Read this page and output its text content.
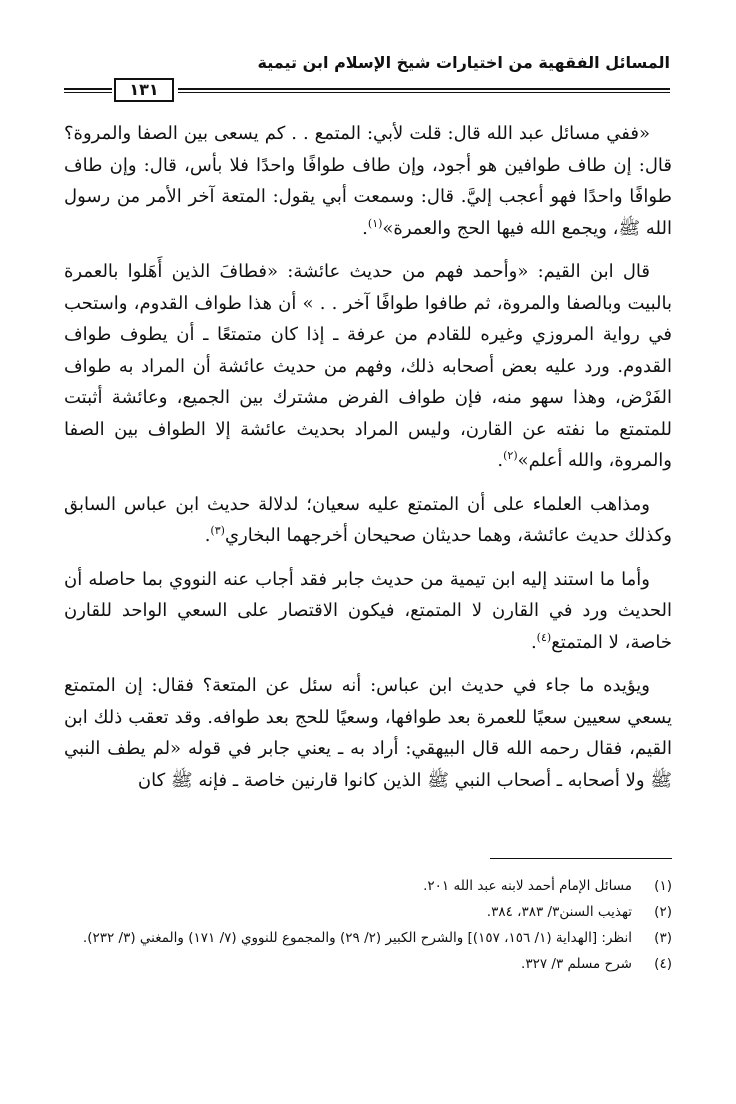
المسائل الفقهية من اختيارات شيخ الإسلام ابن تيمية
١٣١

«ففي مسائل عبد الله قال: قلت لأبي: المتمع . . كم يسعى بين الصفا والمروة؟ قال: إن طاف طوافين هو أجود، وإن طاف طوافًا واحدًا فلا بأس، قال: وإن طاف طوافًا واحدًا فهو أعجب إليَّ. قال: وسمعت أبي يقول: المتعة آخر الأمر من رسول الله ﷺ، ويجمع الله فيها الحج والعمرة»$^{(١)}$.

قال ابن القيم: «وأحمد فهم من حديث عائشة: «فطافَ الذين أَهَلوا بالعمرة بالبيت وبالصفا والمروة، ثم طافوا طوافًا آخر . . » أن هذا طواف القدوم، واستحب في رواية المروزي وغيره للقادم من عرفة ـ إذا كان متمتعًا ـ أن يطوف طواف القدوم. ورد عليه بعض أصحابه ذلك، وفهم من حديث عائشة أن المراد به طواف الفَرْض، وهذا سهو منه، فإن طواف الفرض مشترك بين الجميع، وعائشة أثبتت للمتمتع ما نفته عن القارن، وليس المراد بحديث عائشة إلا الطواف بين الصفا والمروة، والله أعلم»$^{(٢)}$.

ومذاهب العلماء على أن المتمتع عليه سعيان؛ لدلالة حديث ابن عباس السابق وكذلك حديث عائشة، وهما حديثان صحيحان أخرجهما البخاري$^{(٣)}$.

وأما ما استند إليه ابن تيمية من حديث جابر فقد أجاب عنه النووي بما حاصله أن الحديث ورد في القارن لا المتمتع، فيكون الاقتصار على السعي الواحد للقارن خاصة، لا المتمتع$^{(٤)}$.

ويؤيده ما جاء في حديث ابن عباس: أنه سئل عن المتعة؟ فقال: إن المتمتع يسعي سعيين سعيًا للعمرة بعد طوافها، وسعيًا للحج بعد طوافه. وقد تعقب ذلك ابن القيم، فقال رحمه الله قال البيهقي: أراد به ـ يعني جابر في قوله «لم يطف النبي ﷺ ولا أصحابه ـ أصحاب النبي ﷺ الذين كانوا قارنين خاصة ـ فإنه ﷺ كان

(١)
مسائل الإمام أحمد لابنه عبد الله ٢٠١.
(٢)
تهذيب السنن٣/ ٣٨٣، ٣٨٤.
(٣)
انظر: [الهداية (١/ ١٥٦، ١٥٧)] والشرح الكبير (٢/ ٢٩) والمجموع للنووي (٧/ ١٧١) والمغني (٣/ ٢٣٢).
(٤)
شرح مسلم ٣/ ٣٢٧.
